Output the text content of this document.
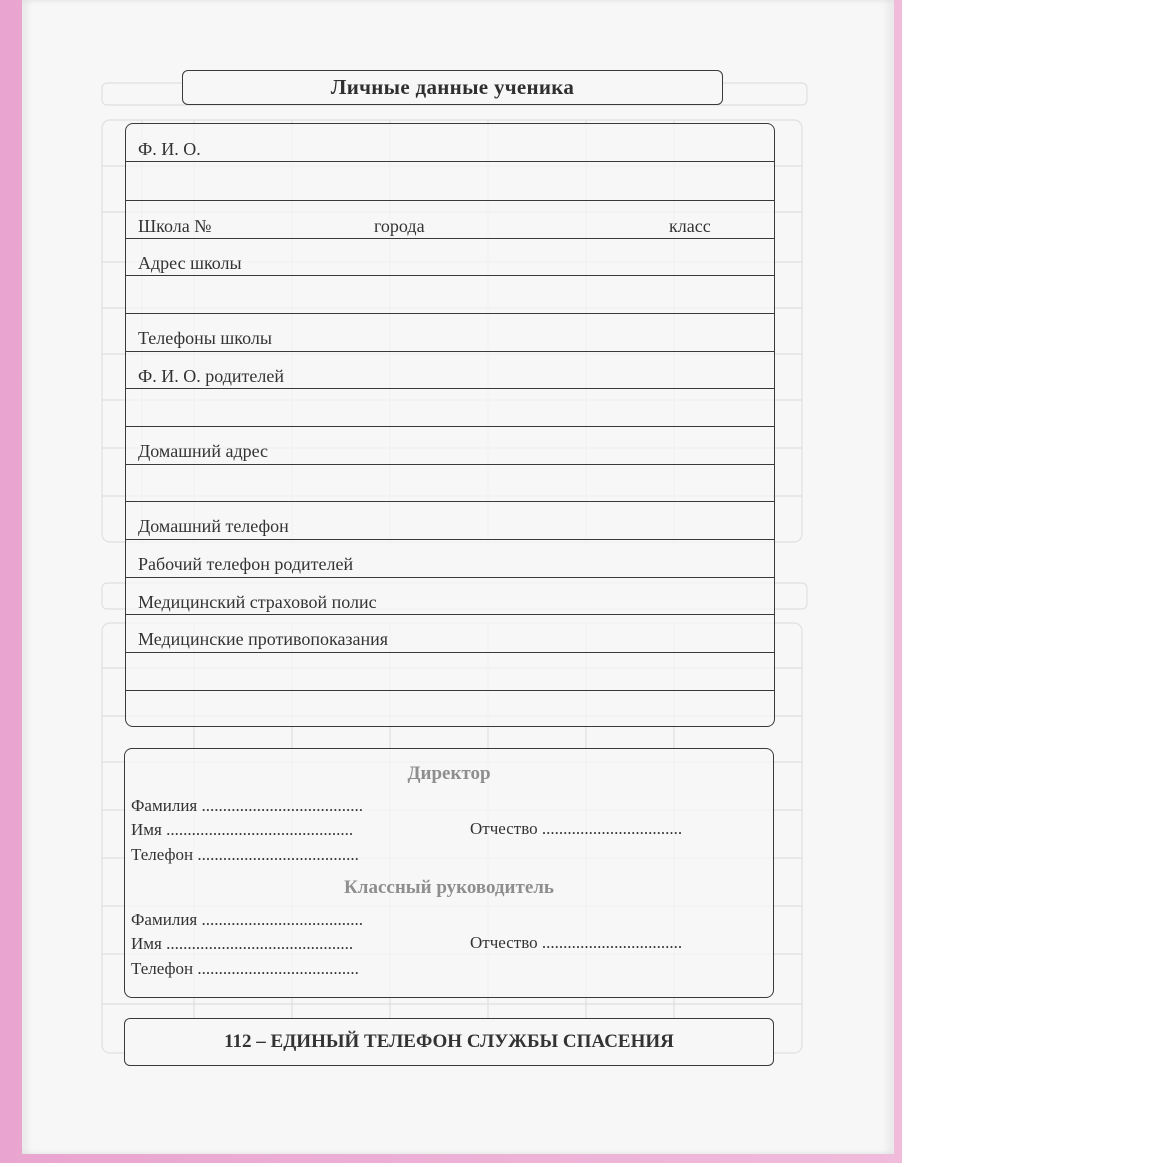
Личные данные ученика
Ф. И. О.
Школа №	города	класс
Адрес школы
Телефоны школы
Ф. И. О. родителей
Домашний адрес
Домашний телефон
Рабочий телефон родителей
Медицинский страховой полис
Медицинские противопоказания
Директор
Фамилия ......................................
Имя ............................................	Отчество .................................
Телефон ......................................
Классный руководитель
Фамилия ......................................
Имя ............................................	Отчество .................................
Телефон ......................................
112 – ЕДИНЫЙ ТЕЛЕФОН СЛУЖБЫ СПАСЕНИЯ
